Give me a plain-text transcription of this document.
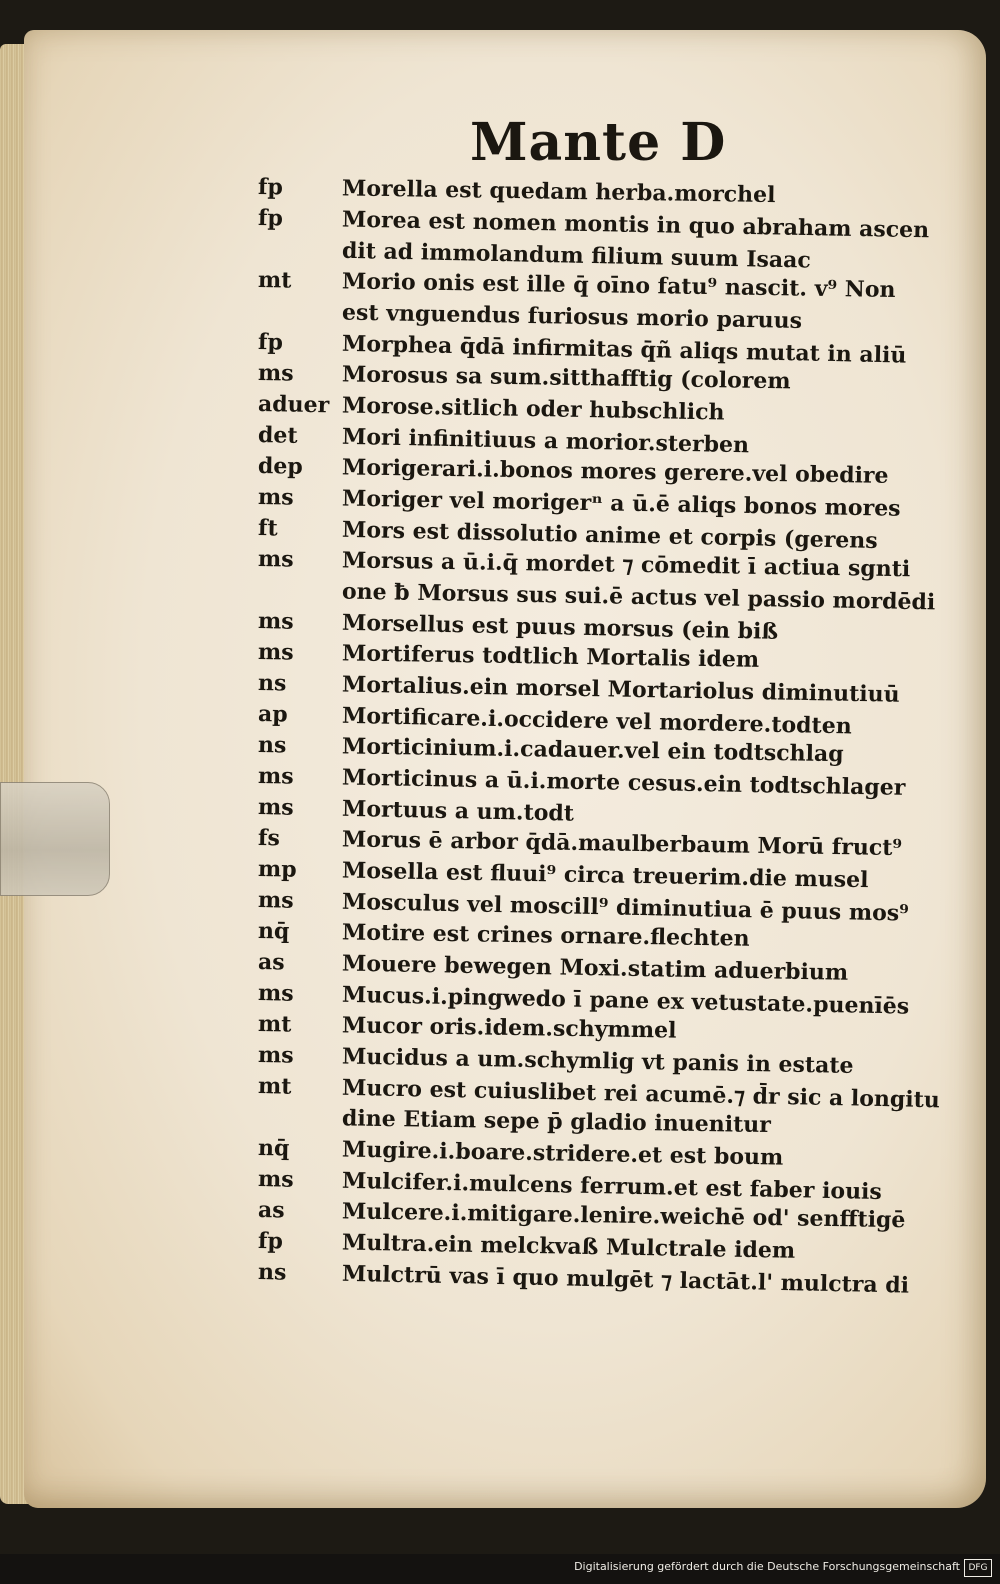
Mante D
fp	Morella est quedam herba.morchel
fp	Morea est nomen montis in quo abraham ascen
dit ad immolandum filium suum Isaac
mt	Morio onis est ille q̄ oīno fatu⁹ nascit. v⁹ Non
est vnguendus furiosus morio paruus
fp	Morphea q̄dā infirmitas q̄ñ aliqs mutat in aliū
ms	Morosus sa sum.sitthafftig (colorem
aduer Morose.sitlich oder hubschlich
det	Mori infinitiuus a morior.sterben
dep	Morigerari.i.bonos mores gerere.vel obedire
ms	Moriger vel morigerⁿ a ū.ē aliqs bonos mores
ft	Mors est dissolutio anime et corpis (gerens
ms	Morsus a ū.i.q̄ mordet ⁊ cōmedit ī actiua sgnti
one ƀ Morsus sus sui.ē actus vel passio mordēdi
ms	Morsellus est puus morsus (ein biß
ms	Mortiferus todtlich Mortalis idem
ns	Mortalius.ein morsel Mortariolus diminutiuū
ap	Mortificare.i.occidere vel mordere.todten
ns	Morticinium.i.cadauer.vel ein todtschlag
ms	Morticinus a ū.i.morte cesus.ein todtschlager
ms	Mortuus a um.todt
fs	Morus ē arbor q̄dā.maulberbaum Morū fruct⁹
mp	Mosella est fluui⁹ circa treuerim.die musel
ms	Mosculus vel moscill⁹ diminutiua ē puus mos⁹
nq̄	Motire est crines ornare.flechten
as	Mouere bewegen Moxi.statim aduerbium
ms	Mucus.i.pingwedo ī pane ex vetustate.puenīēs
mt	Mucor oris.idem.schymmel
ms	Mucidus a um.schymlig vt panis in estate
mt	Mucro est cuiuslibet rei acumē.⁊ d̄r sic a longitu
dine Etiam sepe p̄ gladio inuenitur
nq̄	Mugire.i.boare.stridere.et est boum
ms	Mulcifer.i.mulcens ferrum.et est faber iouis
as	Mulcere.i.mitigare.lenire.weichē od' senfftigē
fp	Multra.ein melckvaß Mulctrale idem
ns	Mulctrū vas ī quo mulgēt ⁊ lactāt.l' mulctra di
Digitalisierung gefördert durch die Deutsche Forschungsgemeinschaft DFG
